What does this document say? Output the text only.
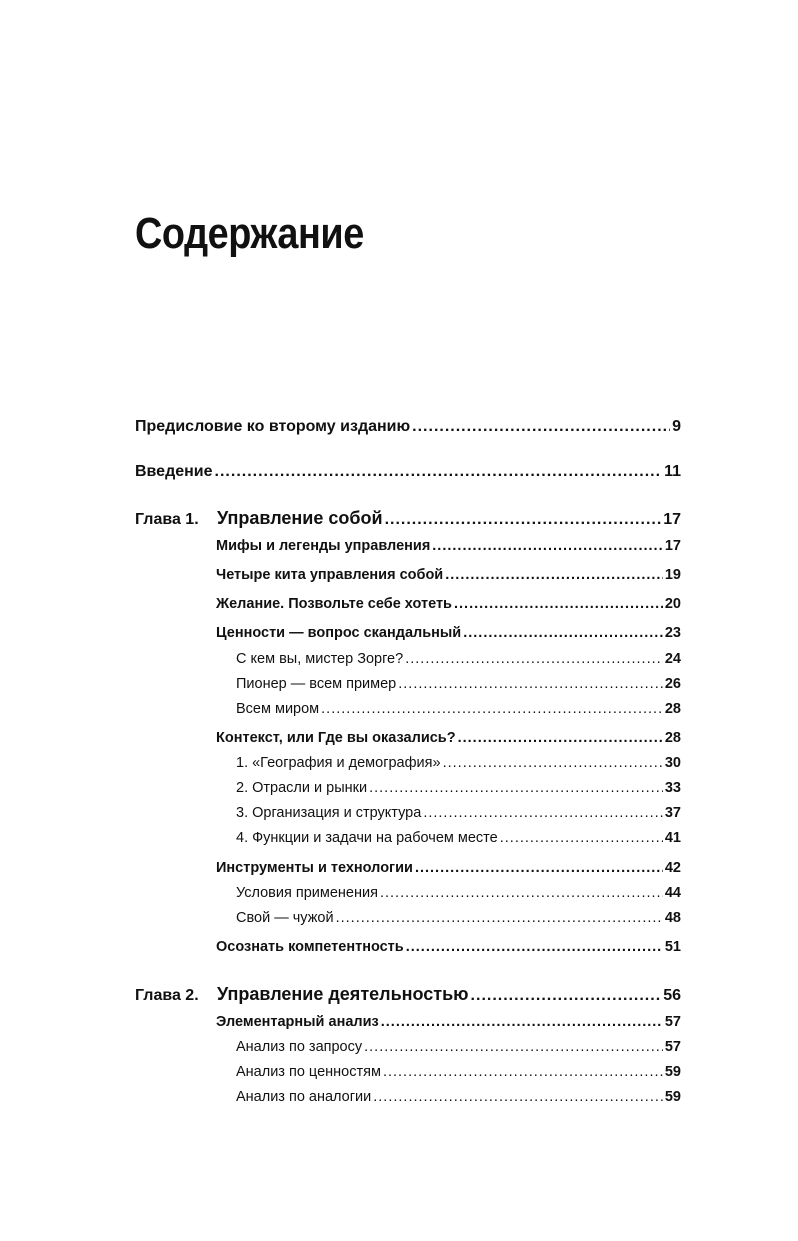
Содержание
Предисловие ко второму изданию .....	9
Введение .....	11
Глава 1.	Управление собой .....	17
Мифы и легенды управления .....	17
Четыре кита управления собой .....	19
Желание. Позвольте себе хотеть .....	20
Ценности — вопрос скандальный .....	23
С кем вы, мистер Зорге? .....	24
Пионер — всем пример .....	26
Всем миром .....	28
Контекст, или Где вы оказались? .....	28
1. «География и демография» .....	30
2. Отрасли и рынки .....	33
3. Организация и структура .....	37
4. Функции и задачи на рабочем месте .....	41
Инструменты и технологии .....	42
Условия применения .....	44
Свой — чужой .....	48
Осознать компетентность .....	51
Глава 2.	Управление деятельностью .....	56
Элементарный анализ .....	57
Анализ по запросу .....	57
Анализ по ценностям .....	59
Анализ по аналогии .....	59
